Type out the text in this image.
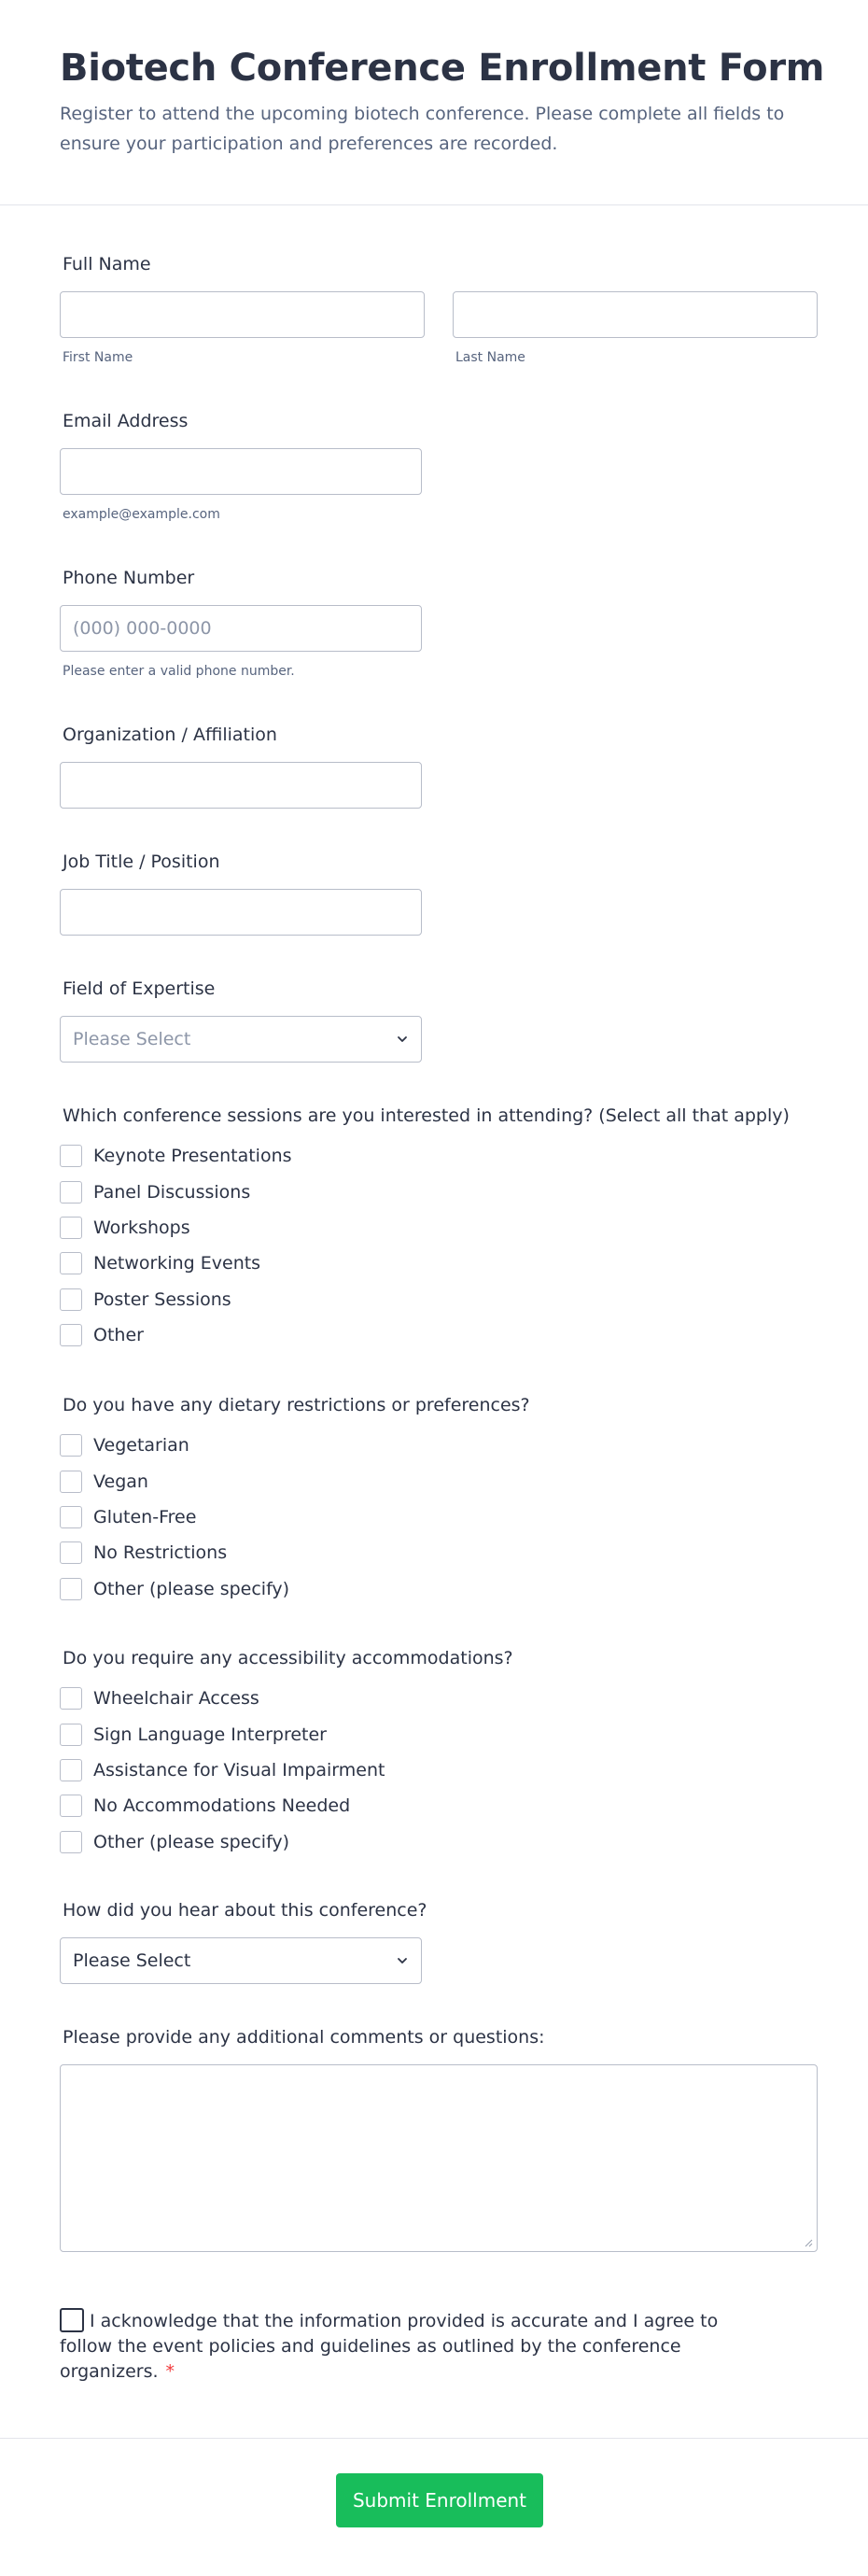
Biotech Conference Enrollment Form

Register to attend the upcoming biotech conference. Please complete all fields to ensure your participation and preferences are recorded.

Full Name
First Name	Last Name
Email Address
example@example.com
Phone Number
(000) 000-0000
Please enter a valid phone number.
Organization / Affiliation
Job Title / Position
Field of Expertise
Please Select
Which conference sessions are you interested in attending? (Select all that apply)
Keynote Presentations
Panel Discussions
Workshops
Networking Events
Poster Sessions
Other
Do you have any dietary restrictions or preferences?
Vegetarian
Vegan
Gluten-Free
No Restrictions
Other (please specify)
Do you require any accessibility accommodations?
Wheelchair Access
Sign Language Interpreter
Assistance for Visual Impairment
No Accommodations Needed
Other (please specify)
How did you hear about this conference?
Please Select
Please provide any additional comments or questions:
I acknowledge that the information provided is accurate and I agree to follow the event policies and guidelines as outlined by the conference organizers. *
Submit Enrollment
